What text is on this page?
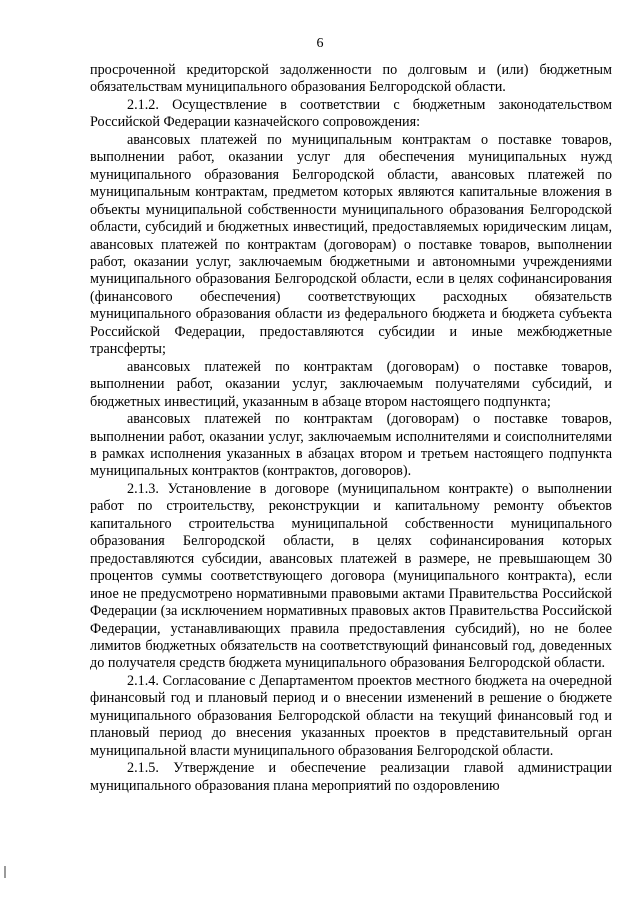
6

просроченной кредиторской задолженности по долговым и (или) бюджетным обязательствам муниципального образования Белгородской области.

2.1.2. Осуществление в соответствии с бюджетным законодательством Российской Федерации казначейского сопровождения:

авансовых платежей по муниципальным контрактам о поставке товаров, выполнении работ, оказании услуг для обеспечения муниципальных нужд муниципального образования Белгородской области, авансовых платежей по муниципальным контрактам, предметом которых являются капитальные вложения в объекты муниципальной собственности муниципального образования Белгородской области, субсидий и бюджетных инвестиций, предоставляемых юридическим лицам, авансовых платежей по контрактам (договорам) о поставке товаров, выполнении работ, оказании услуг, заключаемым бюджетными и автономными учреждениями муниципального образования Белгородской области, если в целях софинансирования (финансового обеспечения) соответствующих расходных обязательств муниципального образования области из федерального бюджета и бюджета субъекта Российской Федерации, предоставляются субсидии и иные межбюджетные трансферты;

авансовых платежей по контрактам (договорам) о поставке товаров, выполнении работ, оказании услуг, заключаемым получателями субсидий, и бюджетных инвестиций, указанным в абзаце втором настоящего подпункта;

авансовых платежей по контрактам (договорам) о поставке товаров, выполнении работ, оказании услуг, заключаемым исполнителями и соисполнителями в рамках исполнения указанных в абзацах втором и третьем настоящего подпункта муниципальных контрактов (контрактов, договоров).

2.1.3. Установление в договоре (муниципальном контракте) о выполнении работ по строительству, реконструкции и капитальному ремонту объектов капитального строительства муниципальной собственности муниципального образования Белгородской области, в целях софинансирования которых предоставляются субсидии, авансовых платежей в размере, не превышающем 30 процентов суммы соответствующего договора (муниципального контракта), если иное не предусмотрено нормативными правовыми актами Правительства Российской Федерации (за исключением нормативных правовых актов Правительства Российской Федерации, устанавливающих правила предоставления субсидий), но не более лимитов бюджетных обязательств на соответствующий финансовый год, доведенных до получателя средств бюджета муниципального образования Белгородской области.

2.1.4. Согласование с Департаментом проектов местного бюджета на очередной финансовый год и плановый период и о внесении изменений в решение о бюджете муниципального образования Белгородской области на текущий финансовый год и плановый период до внесения указанных проектов в представительный орган муниципальной власти муниципального образования Белгородской области.

2.1.5. Утверждение и обеспечение реализации главой администрации муниципального образования плана мероприятий по оздоровлению
